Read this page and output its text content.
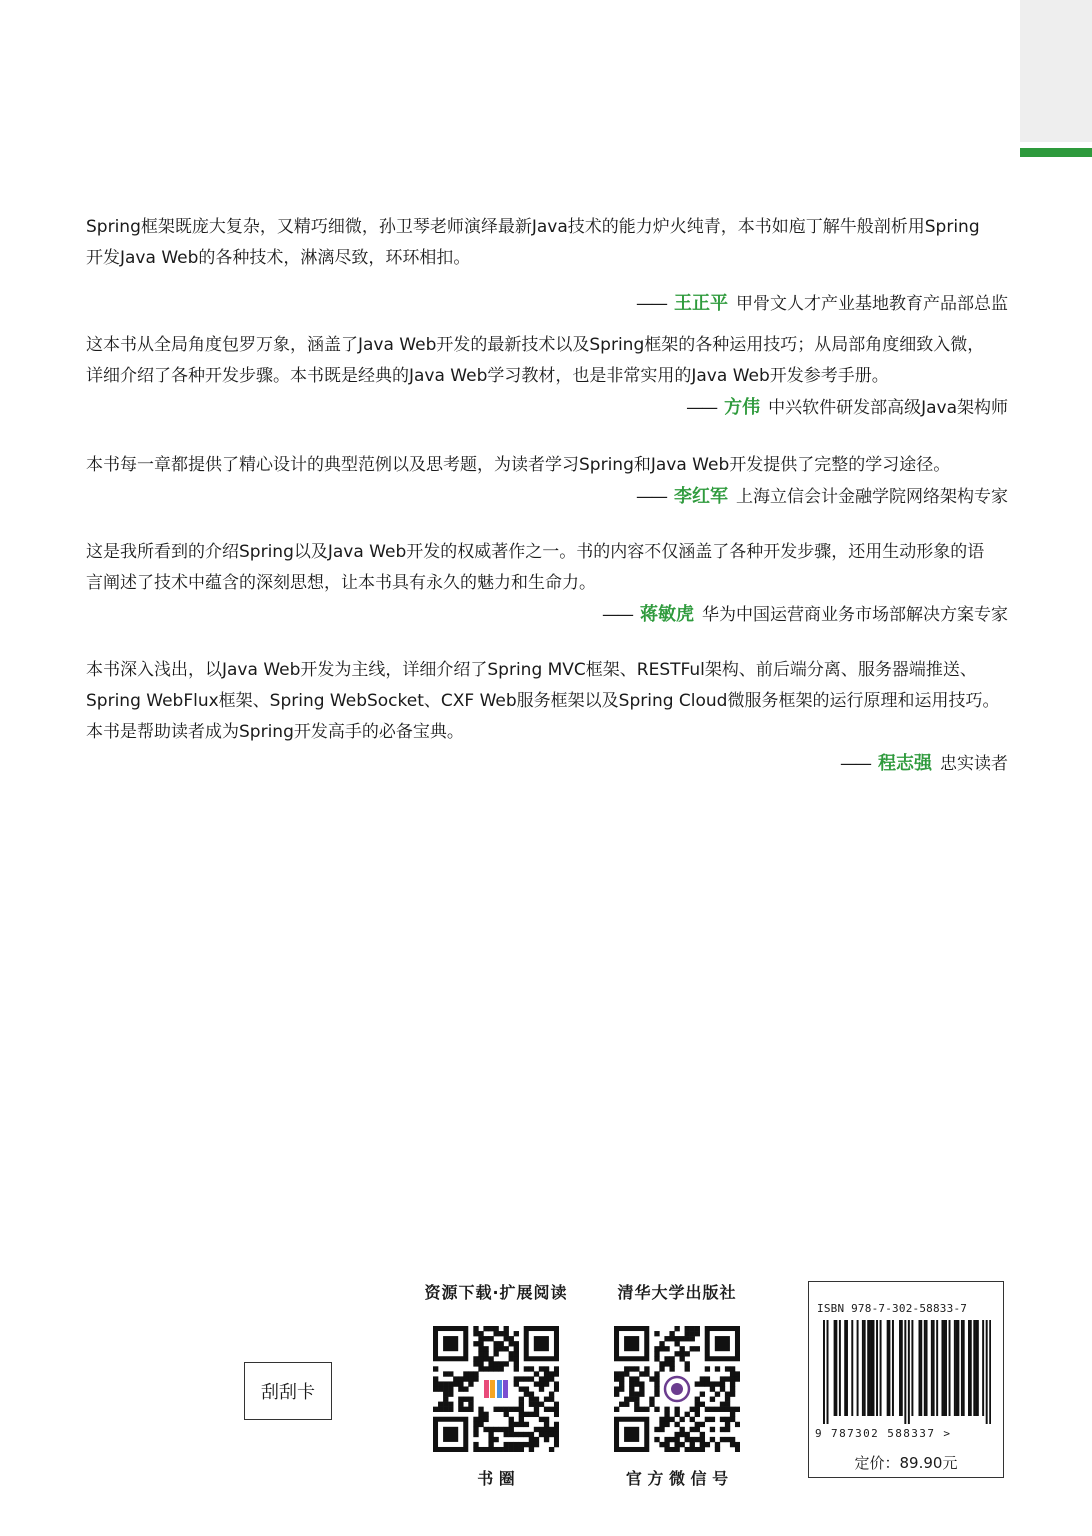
Spring框架既庞大复杂，又精巧细微，孙卫琴老师演绎最新Java技术的能力炉火纯青，本书如庖丁解牛般剖析用Spring

开发Java Web的各种技术，淋漓尽致，环环相扣。

—— 王正平 甲骨文人才产业基地教育产品部总监

这本书从全局角度包罗万象，涵盖了Java Web开发的最新技术以及Spring框架的各种运用技巧；从局部角度细致入微，

详细介绍了各种开发步骤。本书既是经典的Java Web学习教材，也是非常实用的Java Web开发参考手册。

—— 方伟 中兴软件研发部高级Java架构师

本书每一章都提供了精心设计的典型范例以及思考题，为读者学习Spring和Java Web开发提供了完整的学习途径。

—— 李红军 上海立信会计金融学院网络架构专家

这是我所看到的介绍Spring以及Java Web开发的权威著作之一。书的内容不仅涵盖了各种开发步骤，还用生动形象的语

言阐述了技术中蕴含的深刻思想，让本书具有永久的魅力和生命力。

—— 蒋敏虎 华为中国运营商业务市场部解决方案专家

本书深入浅出，以Java Web开发为主线，详细介绍了Spring MVC框架、RESTFul架构、前后端分离、服务器端推送、

Spring WebFlux框架、Spring WebSocket、CXF Web服务框架以及Spring Cloud微服务框架的运行原理和运用技巧。

本书是帮助读者成为Spring开发高手的必备宝典。

—— 程志强 忠实读者
刮刮卡
资源下载·扩展阅读
书 圈
清华大学出版社
官 方 微 信 号
ISBN 978-7-302-58833-7
9 787302 588337 >
定价：89.90元
